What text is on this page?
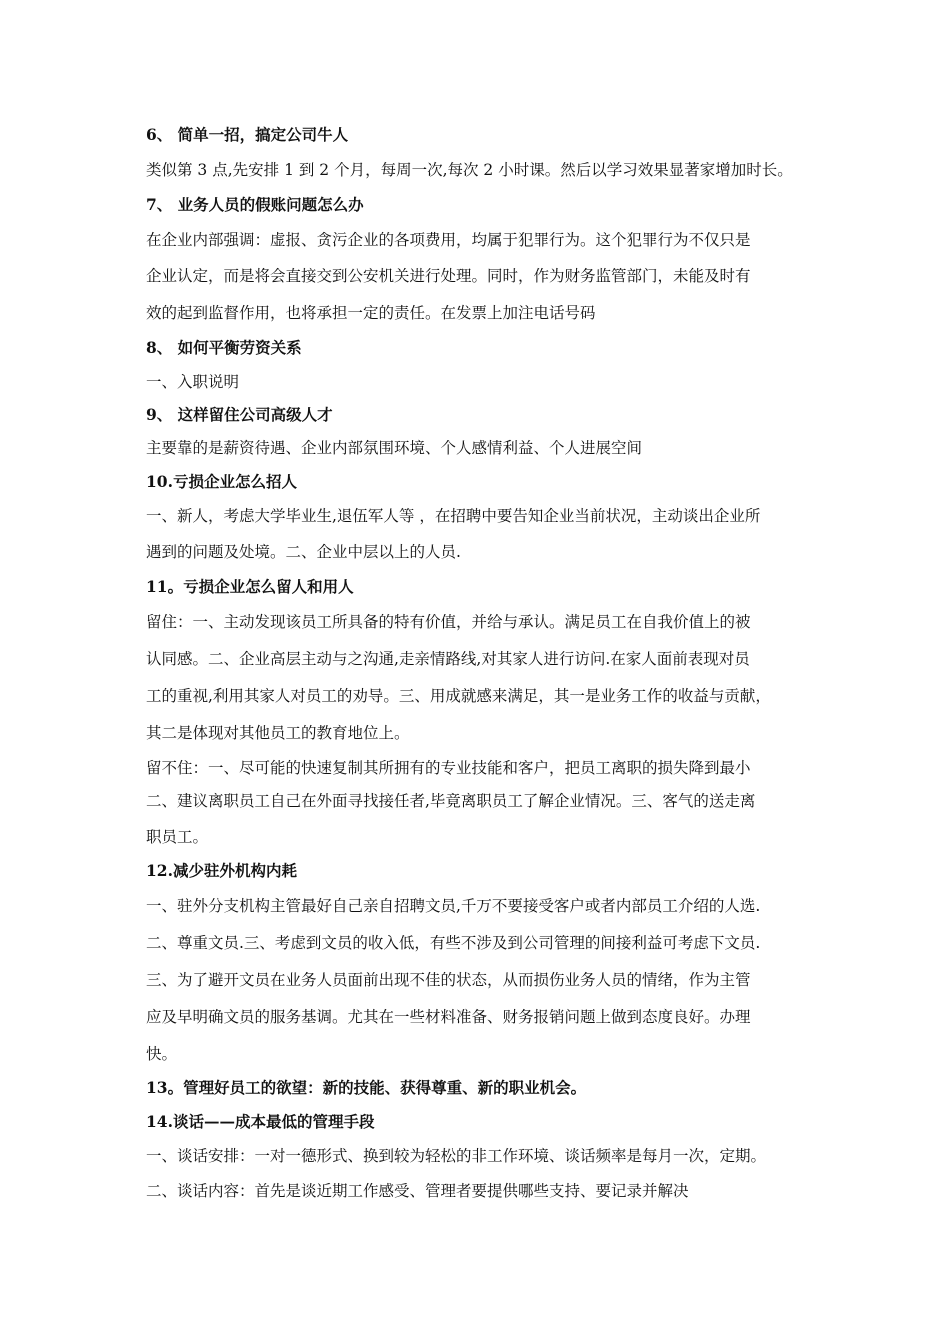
6、 简单一招，搞定公司牛人
类似第 3 点,先安排 1 到 2 个月，每周一次,每次 2 小时课。然后以学习效果显著家增加时长。
7、 业务人员的假账问题怎么办
在企业内部强调：虚报、贪污企业的各项费用，均属于犯罪行为。这个犯罪行为不仅只是
企业认定，而是将会直接交到公安机关进行处理。同时，作为财务监管部门，未能及时有
效的起到监督作用，也将承担一定的责任。在发票上加注电话号码
8、 如何平衡劳资关系
一、入职说明
9、 这样留住公司高级人才
主要靠的是薪资待遇、企业内部氛围环境、个人感情利益、个人进展空间
10.亏损企业怎么招人
一、新人，考虑大学毕业生,退伍军人等 ，在招聘中要告知企业当前状况，主动谈出企业所
遇到的问题及处境。二、企业中层以上的人员.
11。亏损企业怎么留人和用人
留住：一、主动发现该员工所具备的特有价值，并给与承认。满足员工在自我价值上的被
认同感。二、企业高层主动与之沟通,走亲情路线,对其家人进行访问.在家人面前表现对员
工的重视,利用其家人对员工的劝导。三、用成就感来满足，其一是业务工作的收益与贡献，
其二是体现对其他员工的教育地位上。
留不住：一、尽可能的快速复制其所拥有的专业技能和客户，把员工离职的损失降到最小
二、建议离职员工自己在外面寻找接任者,毕竟离职员工了解企业情况。三、客气的送走离
职员工。
12.减少驻外机构内耗
一、驻外分支机构主管最好自己亲自招聘文员,千万不要接受客户或者内部员工介绍的人选.
二、尊重文员.三、考虑到文员的收入低，有些不涉及到公司管理的间接利益可考虑下文员.
三、为了避开文员在业务人员面前出现不佳的状态，从而损伤业务人员的情绪，作为主管
应及早明确文员的服务基调。尤其在一些材料准备、财务报销问题上做到态度良好。办理
快。
13。管理好员工的欲望：新的技能、获得尊重、新的职业机会。
14.谈话——成本最低的管理手段
一、谈话安排：一对一德形式、换到较为轻松的非工作环境、谈话频率是每月一次，定期。
二、谈话内容：首先是谈近期工作感受、管理者要提供哪些支持、要记录并解决
